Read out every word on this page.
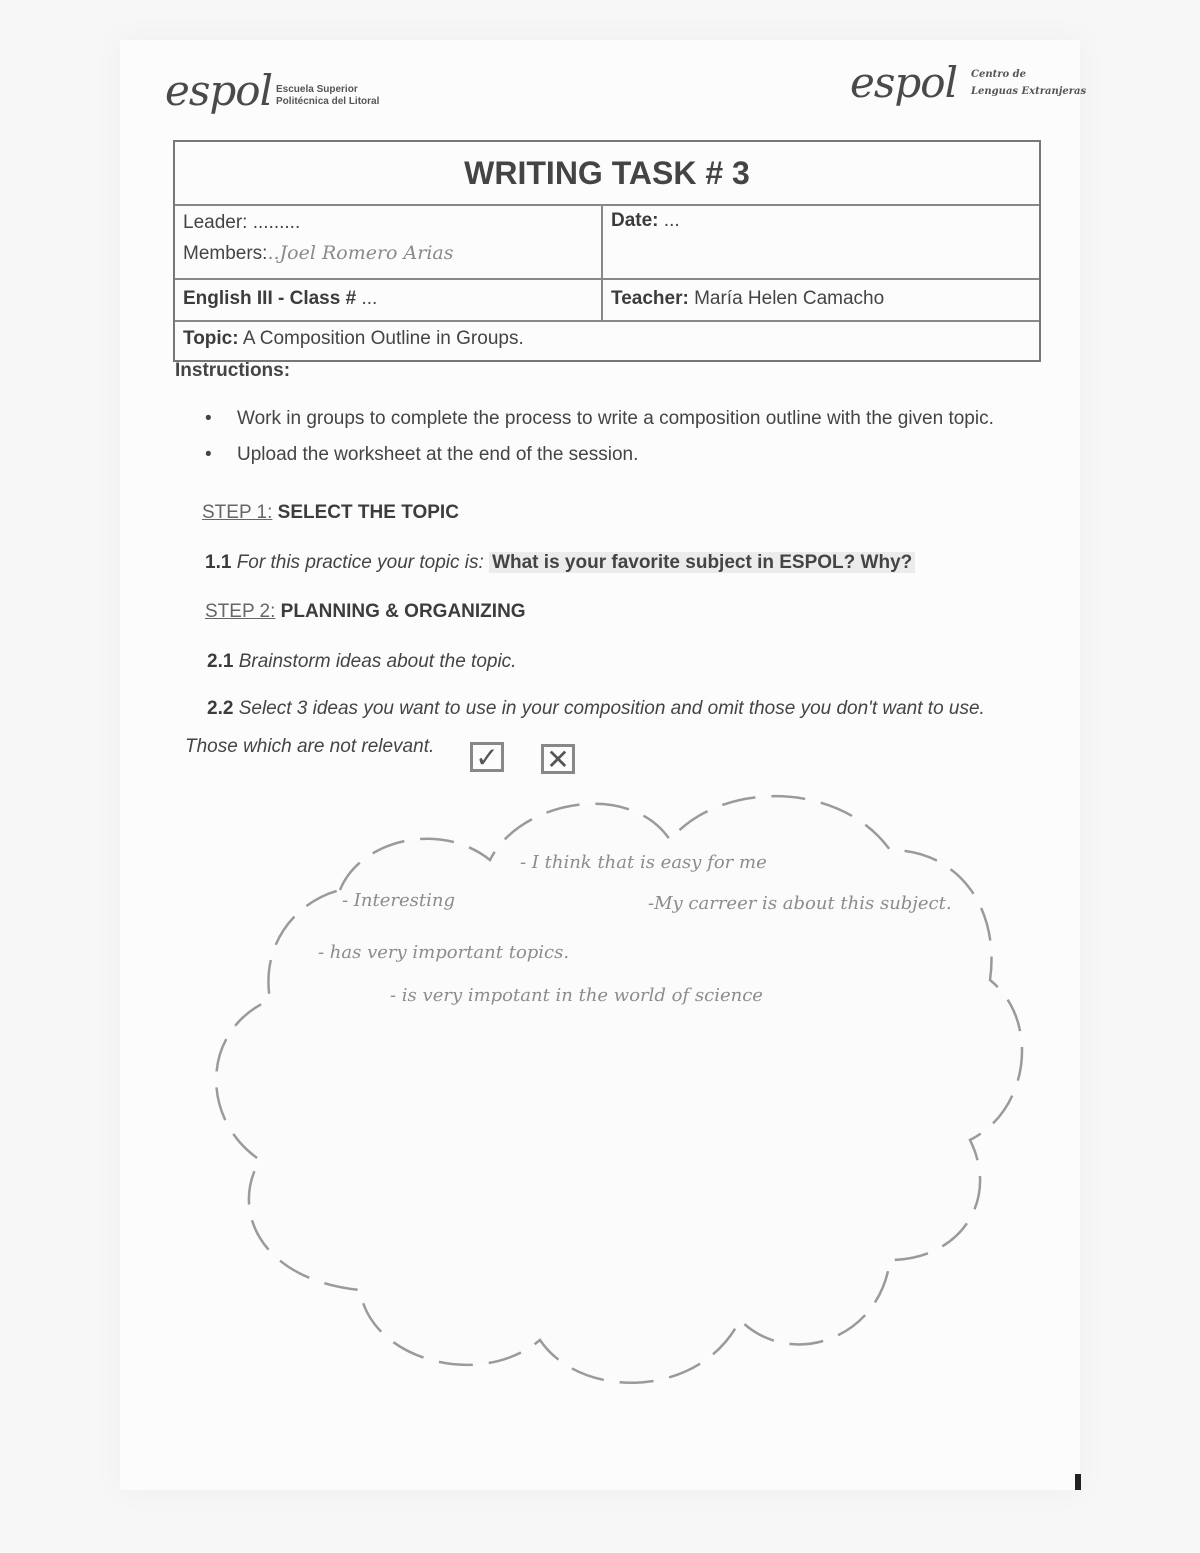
espol Escuela Superior
Politécnica del Litoral	espol Centro de
Lenguas Extranjeras
WRITING TASK # 3
Leader: .........
Members:..Joel Romero Arias
Date: ...
English III - Class # ...	Teacher: María Helen Camacho
Topic: A Composition Outline in Groups.
Instructions:
•	Work in groups to complete the process to write a composition outline with the given topic.
•	Upload the worksheet at the end of the session.
STEP 1: SELECT THE TOPIC
1.1 For this practice your topic is: What is your favorite subject in ESPOL? Why?
STEP 2: PLANNING & ORGANIZING
2.1 Brainstorm ideas about the topic.
2.2 Select 3 ideas you want to use in your composition and omit those you don't want to use.
Those which are not relevant. ✓ ✕
- I think that is easy for me
- Interesting	-My carreer is about this subject.
- has very important topics.
- is very impotant in the world of science
